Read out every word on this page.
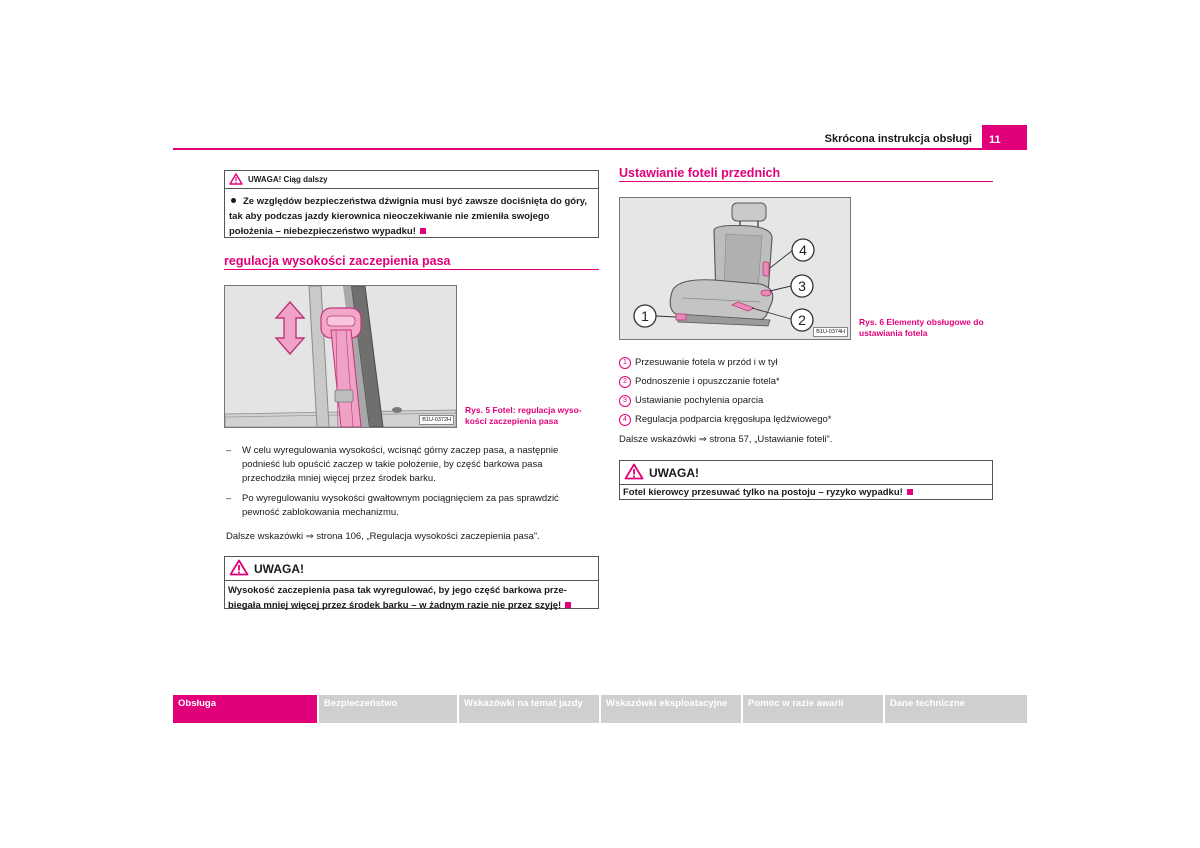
Skrócona instrukcja obsługi	11
UWAGA! Ciąg dalszy
Ze względów bezpieczeństwa dźwignia musi być zawsze dociśnięta do góry, tak aby podczas jazdy kierownica nieoczekiwanie nie zmieniła swojego położenia – niebezpieczeństwo wypadku!
regulacja wysokości zaczepienia pasa
B1U-0372H
Rys. 5 Fotel: regulacja wyso-kości zaczepienia pasa
–	W celu wyregulowania wysokości, wcisnąć górny zaczep pasa, a następnie podnieść lub opuścić zaczep w takie położenie, by część barkowa pasa przechodziła mniej więcej przez środek barku.
–	Po wyregulowaniu wysokości gwałtownym pociągnięciem za pas sprawdzić pewność zablokowania mechanizmu.
Dalsze wskazówki ⇒ strona 106, „Regulacja wysokości zaczepienia pasa”.
UWAGA!
Wysokość zaczepienia pasa tak wyregulować, by jego część barkowa prze-biegała mniej więcej przez środek barku – w żadnym razie nie przez szyję!
Ustawianie foteli przednich
1	2
3
4
B1U-0374H
Rys. 6 Elementy obsługowe do ustawiania fotela
1 Przesuwanie fotela w przód i w tył
2 Podnoszenie i opuszczanie fotela*
3 Ustawianie pochylenia oparcia
4 Regulacja podparcia kręgosłupa lędźwiowego*
Dalsze wskazówki ⇒ strona 57, „Ustawianie foteli”.
UWAGA!
Fotel kierowcy przesuwać tylko na postoju – ryzyko wypadku!
Obsługa	Bezpieczeństwo	Wskazówki na temat jazdy	Wskazówki eksploatacyjne	Pomoc w razie awarii	Dane techniczne
